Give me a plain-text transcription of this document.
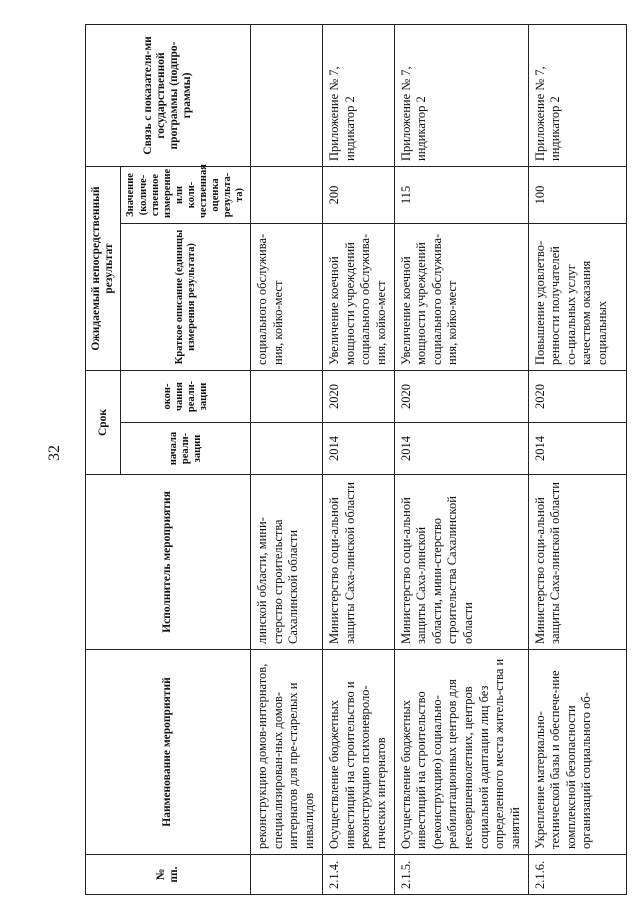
32
№ пп.	Наименование мероприятий	Исполнитель мероприятия	Срок		Ожидаемый непосредственный результат		Связь с показателя-ми государственной программы (подпро-граммы)
			начала реали-зации	окон-чания реали-зации	Краткое описание (единицы измерения результата)	Значение (количе-ственное измерение или коли-чественная оценка результа-та)	
	реконструкцию домов-интернатов, специализирован-ных домов-интернатов для пре-старелых и инвалидов	линской области, мини-стерство строительства Сахалинской области			социального обслужива-ния, койко-мест		
2.1.4.	Осуществление бюджетных инвестиций на строительство и реконструкцию психоневроло-гических интернатов	Министерство соци-альной защиты Саха-линской области	2014	2020	Увеличение коечной мощности учреждений социального обслужива-ния, койко-мест	200	Приложение № 7, индикатор 2
2.1.5.	Осуществление бюджетных инвестиций на строительство (реконструкцию) социально-реабилитационных центров для несовершеннолетних, центров социальной адаптации лиц без определенного места житель-ства и занятий	Министерство соци-альной защиты Саха-линской области, мини-стерство строительства Сахалинской области	2014	2020	Увеличение коечной мощности учреждений социального обслужива-ния, койко-мест	115	Приложение № 7, индикатор 2
2.1.6.	Укрепление материально-технической базы и обеспече-ние комплексной безопасности организаций социального об-	Министерство соци-альной защиты Саха-линской области	2014	2020	Повышение удовлетво-ренности получателей со-циальных услуг качеством оказания социальных	100	Приложение № 7, индикатор 2
